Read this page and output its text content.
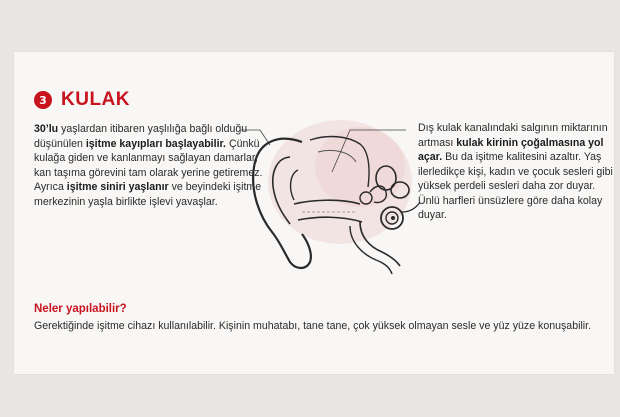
3 KULAK
30’lu yaşlardan itibaren yaşlılığa bağlı olduğu düşünülen işitme kayıpları başlayabilir. Çünkü kulağa giden ve kanlanmayı sağlayan damarlar, kan taşıma görevini tam olarak yerine getiremez. Ayrıca işitme siniri yaşlanır ve beyindeki işitme merkezinin yaşla birlikte işlevi yavaşlar.
Dış kulak kanalındaki salgının miktarının artması kulak kirinin çoğalmasına yol açar. Bu da işitme kalitesini azaltır. Yaş ilerledikçe kişi, kadın ve çocuk sesleri gibi yüksek perdeli sesleri daha zor duyar. Ünlü harfleri ünsüzlere göre daha kolay duyar.
Neler yapılabilir?
Gerektiğinde işitme cihazı kullanılabilir. Kişinin muhatabı, tane tane, çok yüksek olmayan sesle ve yüz yüze konuşabilir.
